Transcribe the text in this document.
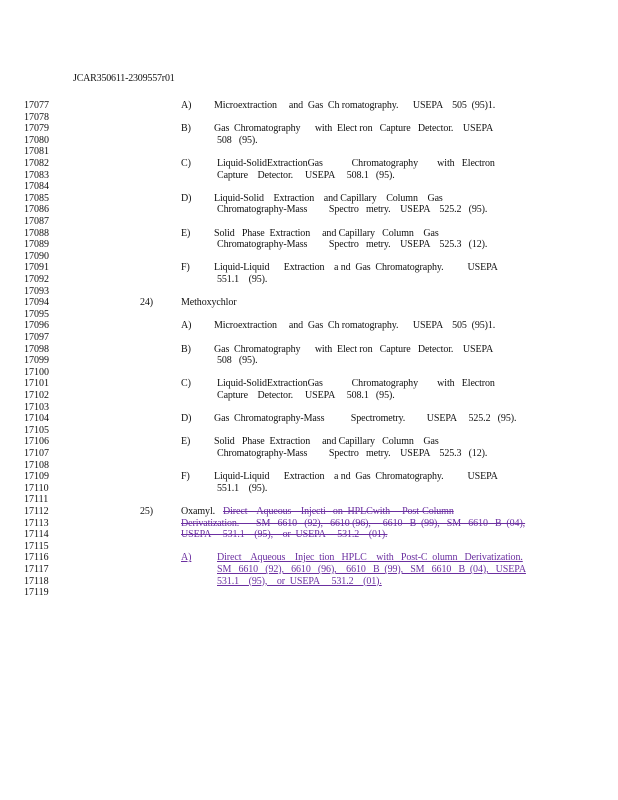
JCAR350611-2309557r01
17077	A) Microextraction     and  Gas  Ch romatography.      USEPA    505  (95)1.
17078
17079	B) Gas  Chromatography      with  Elect ron   Capture   Detector.    USEPA
17080	508   (95).
17081
17082	C)	Liquid-SolidExtractionGas            Chromatography        with   Electron
17083	Capture    Detector.     USEPA     508.1   (95).
17084
17085	D) Liquid-Solid    Extraction    and Capillary    Column    Gas
17086	Chromatography-Mass         Spectro   metry.    USEPA    525.2   (95).
17087
17088	E) Solid   Phase  Extraction     and Capillary   Column    Gas
17089	Chromatography-Mass         Spectro   metry.    USEPA    525.3   (12).
17090
17091	F) Liquid-Liquid      Extraction    a nd  Gas  Chromatography.          USEPA
17092	551.1    (95).
17093
17094	24)	Methoxychlor
17095
17096	A) Microextraction     and  Gas  Ch romatography.      USEPA    505  (95)1.
17097
17098	B) Gas  Chromatography      with  Elect ron   Capture   Detector.    USEPA
17099	508   (95).
17100
17101	C)	Liquid-SolidExtractionGas            Chromatography        with   Electron
17102	Capture    Detector.     USEPA     508.1   (95).
17103
17104	D) Gas  Chromatography-Mass           Spectrometry.         USEPA     525.2   (95).
17105
17106	E) Solid   Phase  Extraction     and Capillary   Column    Gas
17107	Chromatography-Mass         Spectro   metry.    USEPA    525.3   (12).
17108
17109	F) Liquid-Liquid      Extraction    a nd  Gas  Chromatography.          USEPA
17110	551.1    (95).
17111
17112	25)	Oxamyl. Direct    Aqueous    Injecti   on  HPLCwith     Post-Column
17113	Derivatization.       SM   6610   (92),   6610 (96),     6610   B  (99),   SM   6610   B  (04),
17114	USEPA     531.1    (95),    or  USEPA     531.2    (01).
17115
17116	A)	Direct    Aqueous    Injec  tion   HPLC    with   Post-C  olumn   Derivatization.
17117	SM   6610   (92),   6610   (96),    6610   B  (99),   SM   6610   B  (04),   USEPA
17118	531.1    (95),    or  USEPA     531.2    (01).
17119
